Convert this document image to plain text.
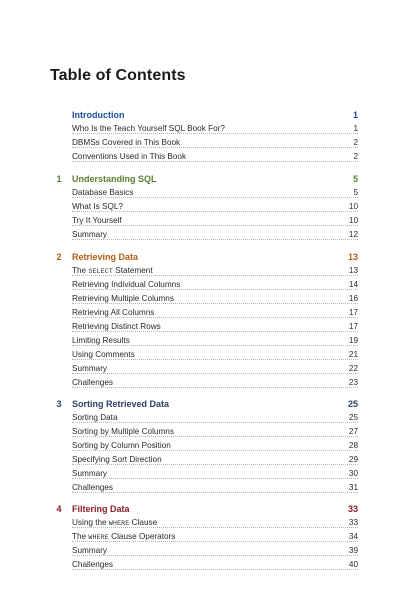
Table of Contents
Introduction	1
Who Is the Teach Yourself SQL Book For?	1
DBMSs Covered in This Book	2
Conventions Used in This Book	2
1	Understanding SQL	5
Database Basics	5
What Is SQL?	10
Try It Yourself	10
Summary	12
2	Retrieving Data	13
The SELECT Statement	13
Retrieving Individual Columns	14
Retrieving Multiple Columns	16
Retrieving All Columns	17
Retrieving Distinct Rows	17
Limiting Results	19
Using Comments	21
Summary	22
Challenges	23
3	Sorting Retrieved Data	25
Sorting Data	25
Sorting by Multiple Columns	27
Sorting by Column Position	28
Specifying Sort Direction	29
Summary	30
Challenges	31
4	Filtering Data	33
Using the WHERE Clause	33
The WHERE Clause Operators	34
Summary	39
Challenges	40
